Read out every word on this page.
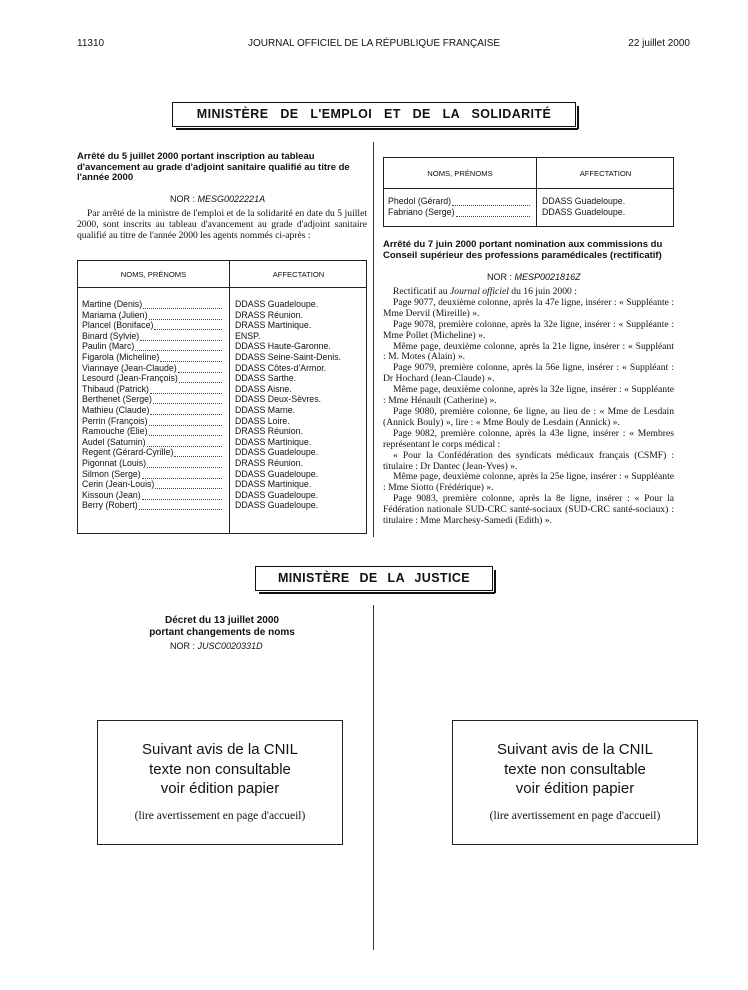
11310	JOURNAL OFFICIEL DE LA RÉPUBLIQUE FRANÇAISE	22 juillet 2000
MINISTÈRE DE L'EMPLOI ET DE LA SOLIDARITÉ
Arrêté du 5 juillet 2000 portant inscription au tableau d'avancement au grade d'adjoint sanitaire qualifié au titre de l'année 2000
NOR : MESG0022221A
Par arrêté de la ministre de l'emploi et de la solidarité en date du 5 juillet 2000, sont inscrits au tableau d'avancement au grade d'adjoint sanitaire qualifié au titre de l'année 2000 les agents nommés ci-après :
NOMS, PRÉNOMS	AFFECTATION
Martine (Denis)	DDASS Guadeloupe.
Mariama (Julien)	DRASS Réunion.
Plancel (Boniface)	DRASS Martinique.
Binard (Sylvie)	ENSP.
Paulin (Marc)	DDASS Haute-Garonne.
Figarola (Micheline)	DDASS Seine-Saint-Denis.
Viannaye (Jean-Claude)	DDASS Côtes-d'Armor.
Lesourd (Jean-François)	DDASS Sarthe.
Thibaud (Patrick)	DDASS Aisne.
Berthenet (Serge)	DDASS Deux-Sèvres.
Mathieu (Claude)	DDASS Marne.
Perrin (François)	DDASS Loire.
Ramouche (Elie)	DRASS Réunion.
Audel (Saturnin)	DDASS Martinique.
Regent (Gérard-Cyrille)	DDASS Guadeloupe.
Pigonnat (Louis)	DRASS Réunion.
Silmon (Serge)	DDASS Guadeloupe.
Cerin (Jean-Louis)	DDASS Martinique.
Kissoun (Jean)	DDASS Guadeloupe.
Berry (Robert)	DDASS Guadeloupe.
NOMS, PRÉNOMS	AFFECTATION
Phedol (Gérard)	DDASS Guadeloupe.
Fabriano (Serge)	DDASS Guadeloupe.
Arrêté du 7 juin 2000 portant nomination aux commissions du Conseil supérieur des professions paramédicales (rectificatif)
NOR : MESP0021816Z

Rectificatif au Journal officiel du 16 juin 2000 :

Page 9077, deuxième colonne, après la 47e ligne, insérer : « Suppléante : Mme Dervil (Mireille) ».

Page 9078, première colonne, après la 32e ligne, insérer : « Suppléante : Mme Pollet (Micheline) ».

Même page, deuxième colonne, après la 21e ligne, insérer : « Suppléant : M. Motes (Alain) ».

Page 9079, première colonne, après la 56e ligne, insérer : « Suppléant : Dr Hochard (Jean-Claude) ».

Même page, deuxième colonne, après la 32e ligne, insérer : « Suppléante : Mme Hénault (Catherine) ».

Page 9080, première colonne, 6e ligne, au lieu de : « Mme de Lesdain (Annick Bouly) », lire : « Mme Bouly de Lesdain (Annick) ».

Page 9082, première colonne, après la 43e ligne, insérer : « Membres représentant le corps médical :

« Pour la Confédération des syndicats médicaux français (CSMF) : titulaire : Dr Dantec (Jean-Yves) ».

Même page, deuxième colonne, après la 25e ligne, insérer : « Suppléante : Mme Siotto (Frédérique) ».

Page 9083, première colonne, après la 8e ligne, insérer : « Pour la Fédération nationale SUD-CRC santé-sociaux (SUD-CRC santé-sociaux) : titulaire : Mme Marchesy-Samedi (Edith) ».

MINISTÈRE DE LA JUSTICE
Décret du 13 juillet 2000
portant changements de noms
NOR : JUSC0020331D
Suivant avis de la CNIL
texte non consultable
voir édition papier
(lire avertissement en page d'accueil)
Suivant avis de la CNIL
texte non consultable
voir édition papier
(lire avertissement en page d'accueil)
